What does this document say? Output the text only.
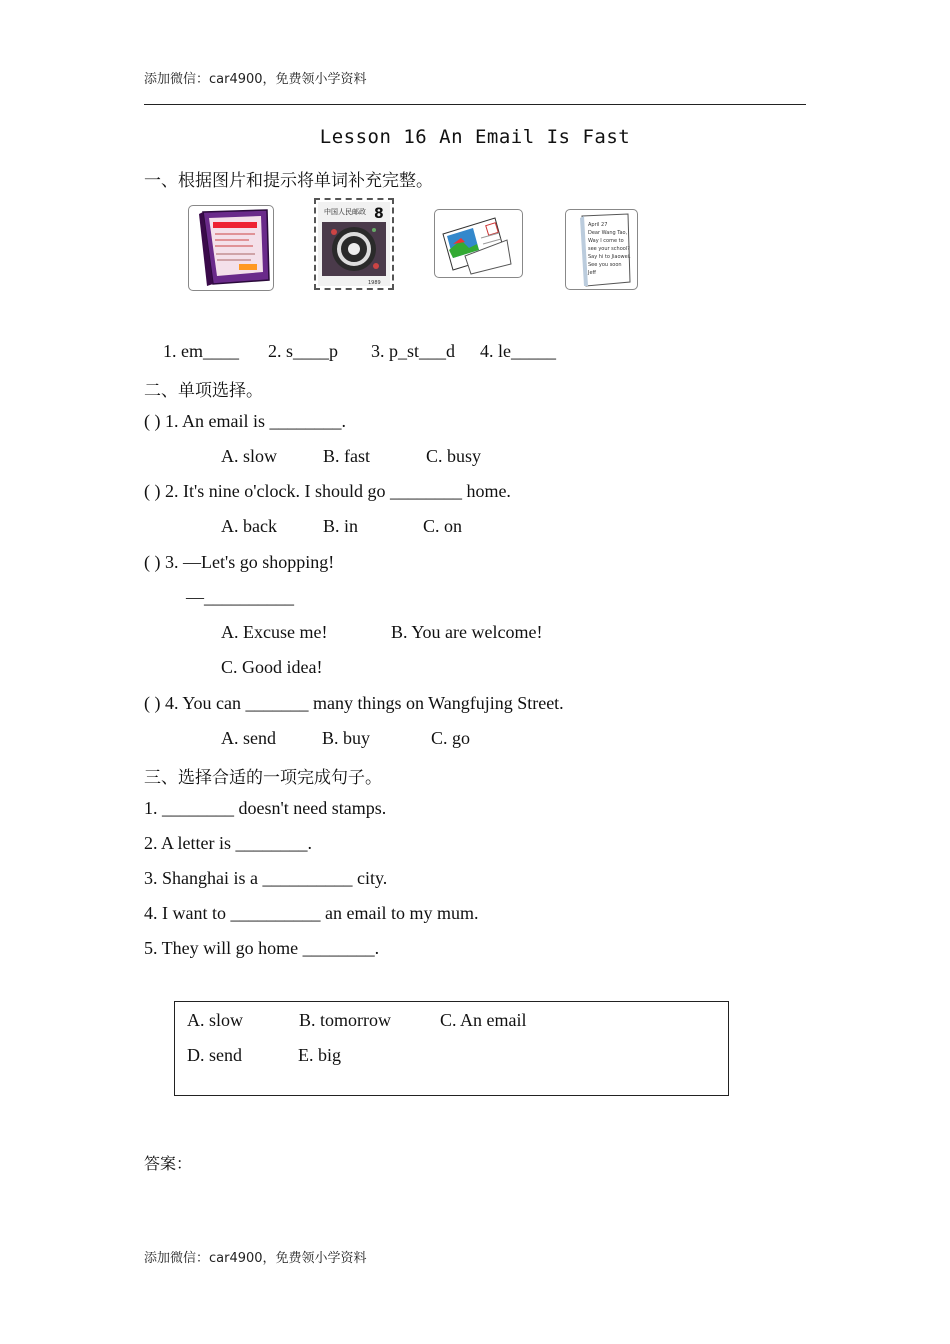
添加微信：car4900，免费领小学资料
Lesson 16 An Email Is Fast
一、根据图片和提示将单词补充完整。
中国人民邮政 8
1989
April 27
Dear Wang Tao,
Way I come to
see your school?
Say hi to Jiaowei.
See you soon
Jeff
1. em____ 2. s____p 3. p_st___d 4. le_____
二、单项选择。
( ) 1. An email is ________.
A. slow	B. fast	C. busy
( ) 2. It's nine o'clock. I should go ________ home.
A. back	B. in	C. on
( ) 3. —Let's go shopping!
—__________
A. Excuse me!	B. You are welcome!
C. Good idea!
( ) 4. You can _______ many things on Wangfujing Street.
A. send	B. buy	C. go
三、选择合适的一项完成句子。
1. ________ doesn't need stamps.
2. A letter is ________.
3. Shanghai is a __________ city.
4. I want to __________ an email to my mum.
5. They will go home ________.
A. slow	B. tomorrow	C. An email
D. send	E. big
答案：
添加微信：car4900，免费领小学资料
